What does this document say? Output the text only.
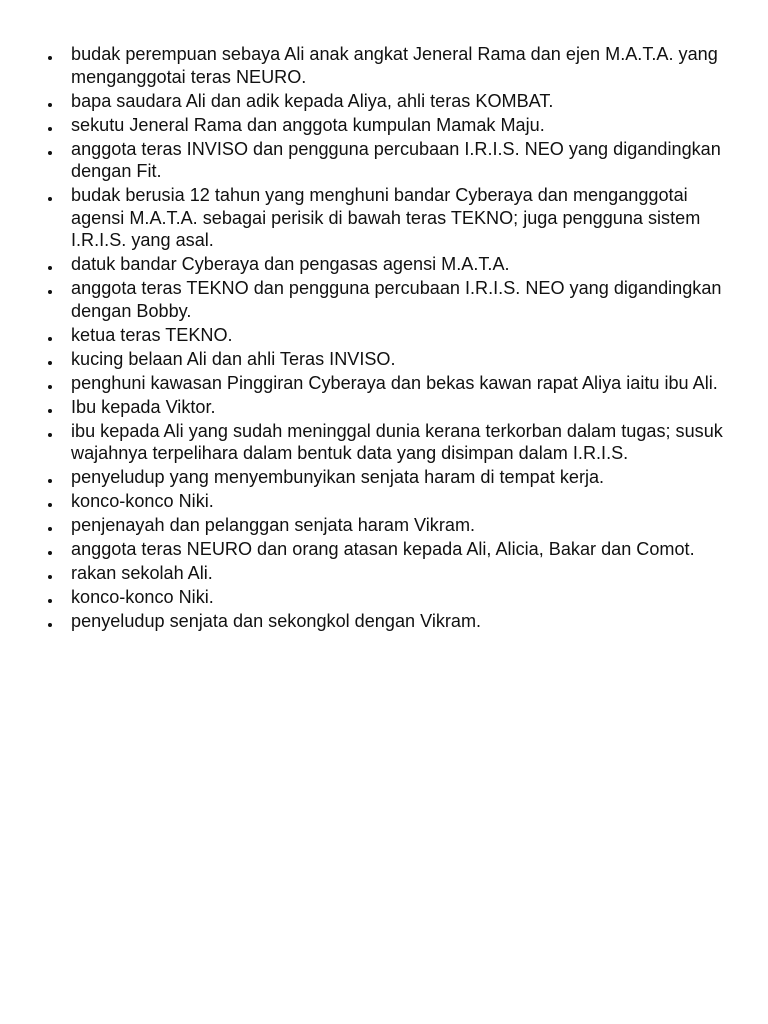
budak perempuan sebaya Ali anak angkat Jeneral Rama dan ejen M.A.T.A. yang menganggotai teras NEURO.
bapa saudara Ali dan adik kepada Aliya, ahli teras KOMBAT.
sekutu Jeneral Rama dan anggota kumpulan Mamak Maju.
anggota teras INVISO dan pengguna percubaan I.R.I.S. NEO yang digandingkan dengan Fit.
budak berusia 12 tahun yang menghuni bandar Cyberaya dan menganggotai agensi M.A.T.A. sebagai perisik di bawah teras TEKNO; juga pengguna sistem I.R.I.S. yang asal.
datuk bandar Cyberaya dan pengasas agensi M.A.T.A.
anggota teras TEKNO dan pengguna percubaan I.R.I.S. NEO yang digandingkan dengan Bobby.
ketua teras TEKNO.
kucing belaan Ali dan ahli Teras INVISO.
penghuni kawasan Pinggiran Cyberaya dan bekas kawan rapat Aliya iaitu ibu Ali.
Ibu kepada Viktor.
ibu kepada Ali yang sudah meninggal dunia kerana terkorban dalam tugas; susuk wajahnya terpelihara dalam bentuk data yang disimpan dalam I.R.I.S.
penyeludup yang menyembunyikan senjata haram di tempat kerja.
konco-konco Niki.
penjenayah dan pelanggan senjata haram Vikram.
anggota teras NEURO dan orang atasan kepada Ali, Alicia, Bakar dan Comot.
rakan sekolah Ali.
konco-konco Niki.
penyeludup senjata dan sekongkol dengan Vikram.
